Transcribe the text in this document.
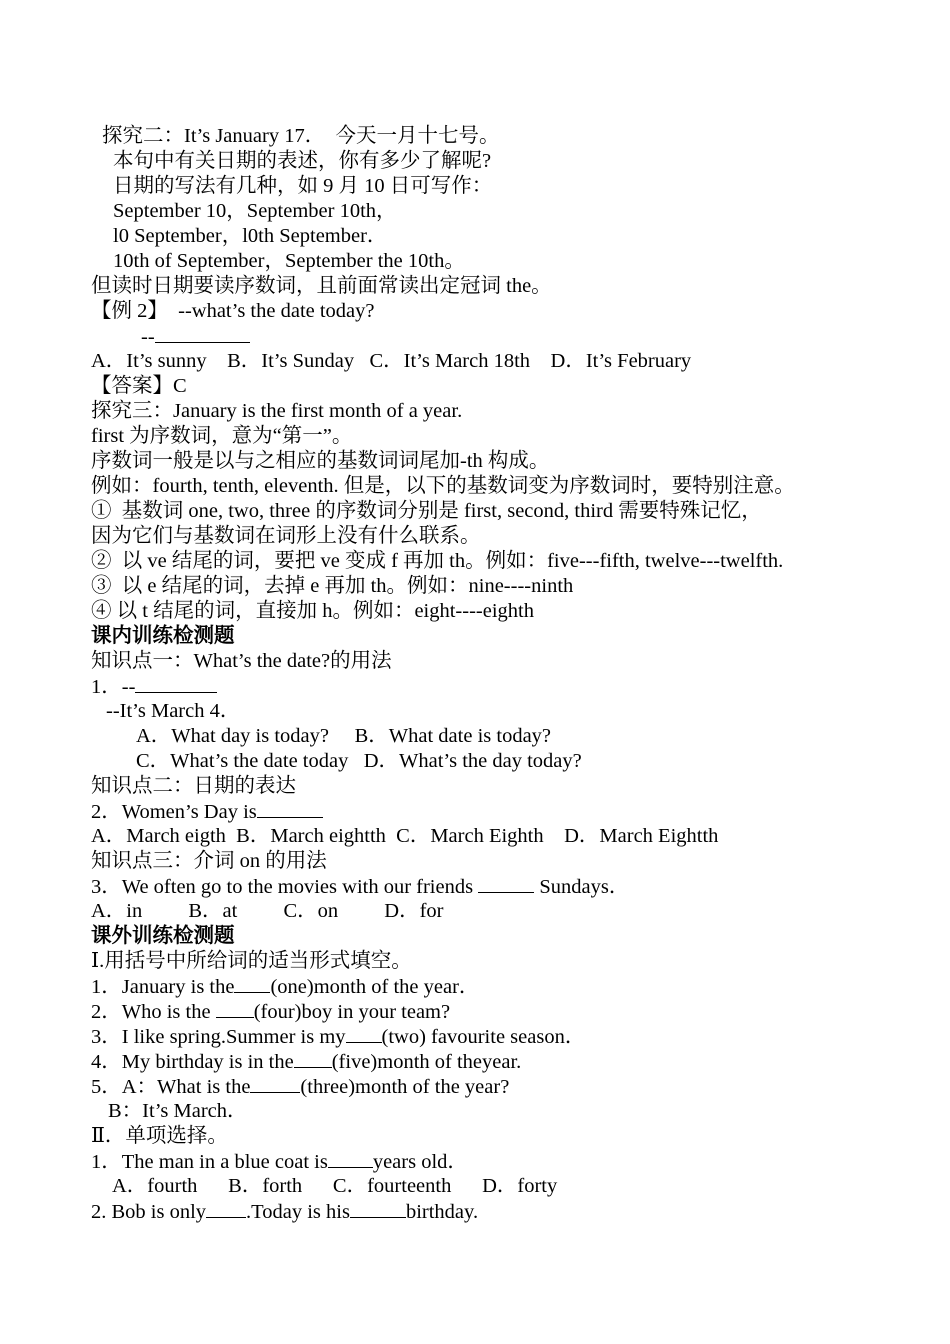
探究二：It’s January 17．  今天一月十七号。
本句中有关日期的表述，你有多少了解呢?
日期的写法有几种，如 9 月 10 日可写作：
September 10，September 10th，
l0 September，l0th September．
10th of September，September the 10th。
但读时日期要读序数词，且前面常读出定冠词 the。
【例 2】  --what’s the date today?
--
A．It’s sunny    B．It’s Sunday   C．It’s March 18th    D．It’s February
【答案】C
探究三：January is the first month of a year.
first 为序数词，意为“第一”。
序数词一般是以与之相应的基数词词尾加-th 构成。
例如：fourth, tenth, eleventh. 但是，以下的基数词变为序数词时，要特别注意。
①  基数词 one, two, three 的序数词分别是 first, second, third 需要特殊记忆，
因为它们与基数词在词形上没有什么联系。
②  以 ve 结尾的词，要把 ve 变成 f 再加 th。例如：five---fifth, twelve---twelfth.
③  以 e 结尾的词，去掉 e 再加 th。例如：nine----ninth
④ 以 t 结尾的词，直接加 h。例如：eight----eighth
课内训练检测题
知识点一：What’s the date?的用法
1．--
--It’s March 4．
A．What day is today?     B．What date is today?
C．What’s the date today   D．What’s the day today?
知识点二：日期的表达
2．Women’s Day is
A．March eigth  B．March eightth  C．March Eighth    D．March Eightth
知识点三：介词 on 的用法
3．We often go to the movies with our friends	Sundays．
A．in         B．at         C．on         D．for
课外训练检测题
Ⅰ.用括号中所给词的适当形式填空。
1．January is the (one)month of the year．
2．Who is the (four)boy in your team?
3．I like spring.Summer is my (two) favourite season．
4．My birthday is in the (five)month of theyear.
5．A：What is the (three)month of the year?
B：It’s March．
Ⅱ．单项选择。
1．The man in a blue coat is years old．
A．fourth      B．forth      C．fourteenth      D．forty
2. Bob is only .Today is his	birthday.
